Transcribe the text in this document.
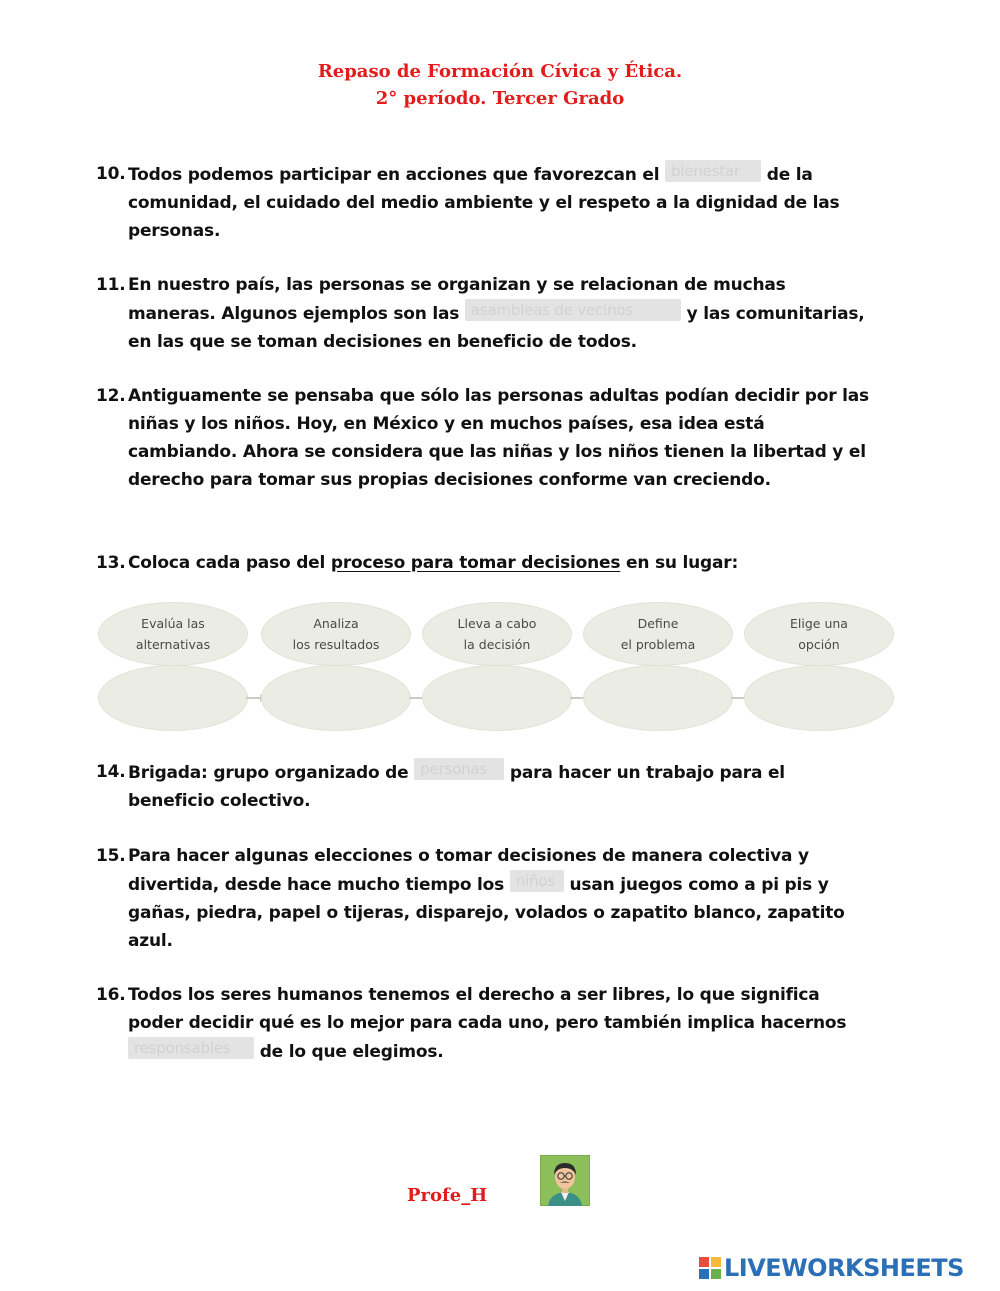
Repaso de Formación Cívica y Ética.
2° período. Tercer Grado
10. Todos podemos participar en acciones que favorezcan el bienestar de la comunidad, el cuidado del medio ambiente y el respeto a la dignidad de las personas.
11. En nuestro país, las personas se organizan y se relacionan de muchas maneras. Algunos ejemplos son las asambleas de vecinos	y las comunitarias, en las que se toman decisiones en beneficio de todos.
12. Antiguamente se pensaba que sólo las personas adultas podían decidir por las niñas y los niños. Hoy, en México y en muchos países, esa idea está cambiando. Ahora se considera que las niñas y los niños tienen la libertad y el derecho para tomar sus propias decisiones conforme van creciendo.
13. Coloca cada paso del proceso para tomar decisiones en su lugar:
Evalúa las
alternativas
Analiza
los resultados
Lleva a cabo
la decisión
Define
el problema
Elige una
opción
14. Brigada: grupo organizado de personas para hacer un trabajo para el beneficio colectivo.
15. Para hacer algunas elecciones o tomar decisiones de manera colectiva y divertida, desde hace mucho tiempo los niños usan juegos como a pi pis y gañas, piedra, papel o tijeras, disparejo, volados o zapatito blanco, zapatito azul.
16. Todos los seres humanos tenemos el derecho a ser libres, lo que significa poder decidir qué es lo mejor para cada uno, pero también implica hacernos responsables de lo que elegimos.
Profe_H
LIVEWORKSHEETS
